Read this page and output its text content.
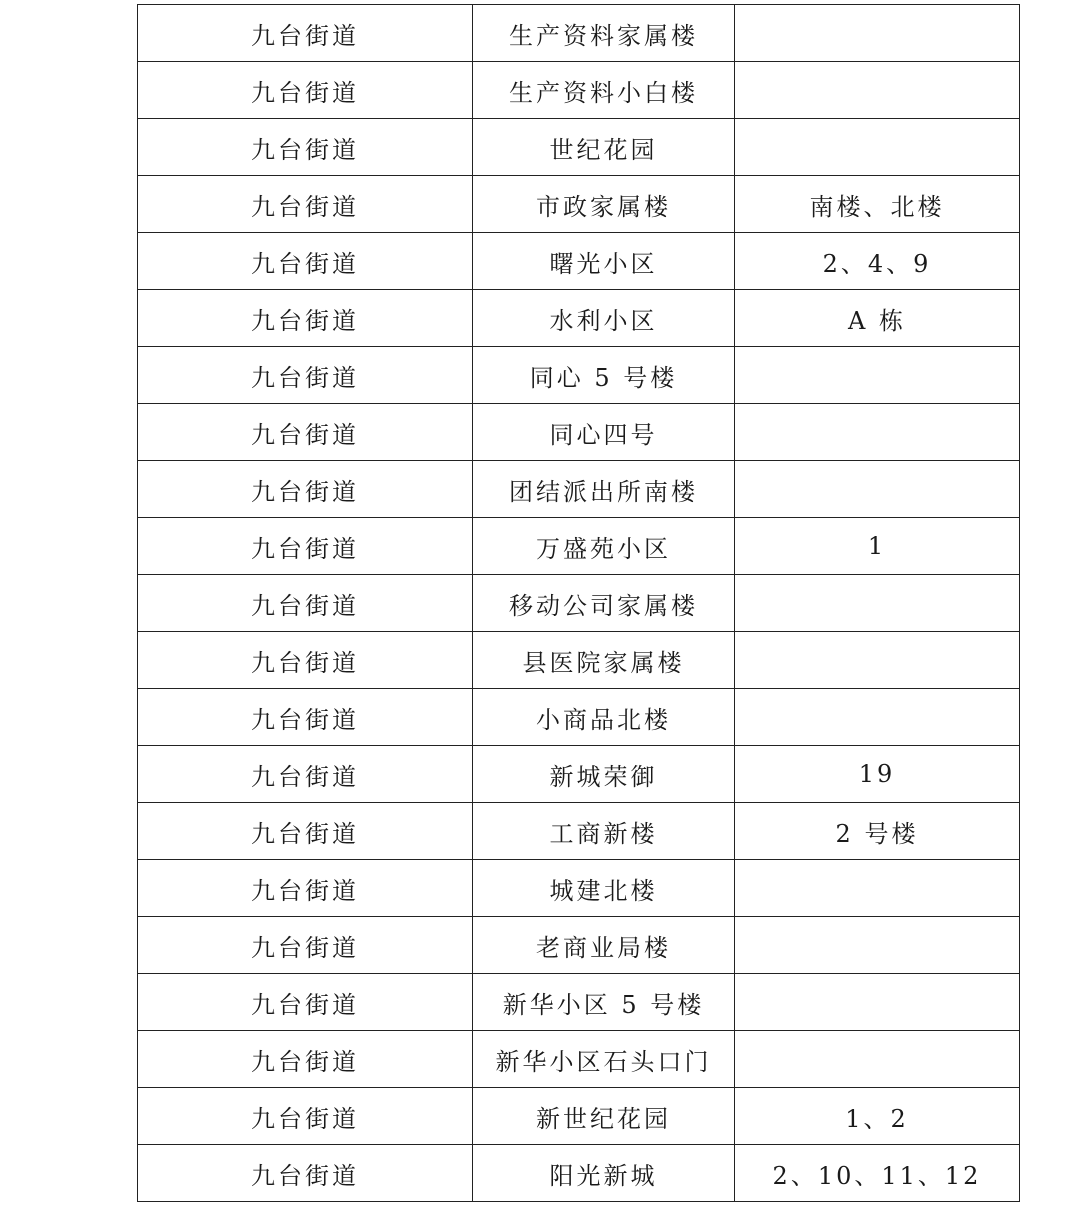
九台街道	生产资料家属楼	
九台街道	生产资料小白楼	
九台街道	世纪花园	
九台街道	市政家属楼	南楼、北楼
九台街道	曙光小区	2、4、9
九台街道	水利小区	A 栋
九台街道	同心 5 号楼	
九台街道	同心四号	
九台街道	团结派出所南楼	
九台街道	万盛苑小区	1
九台街道	移动公司家属楼	
九台街道	县医院家属楼	
九台街道	小商品北楼	
九台街道	新城荣御	19
九台街道	工商新楼	2 号楼
九台街道	城建北楼	
九台街道	老商业局楼	
九台街道	新华小区 5 号楼	
九台街道	新华小区石头口门	
九台街道	新世纪花园	1、2
九台街道	阳光新城	2、10、11、12
